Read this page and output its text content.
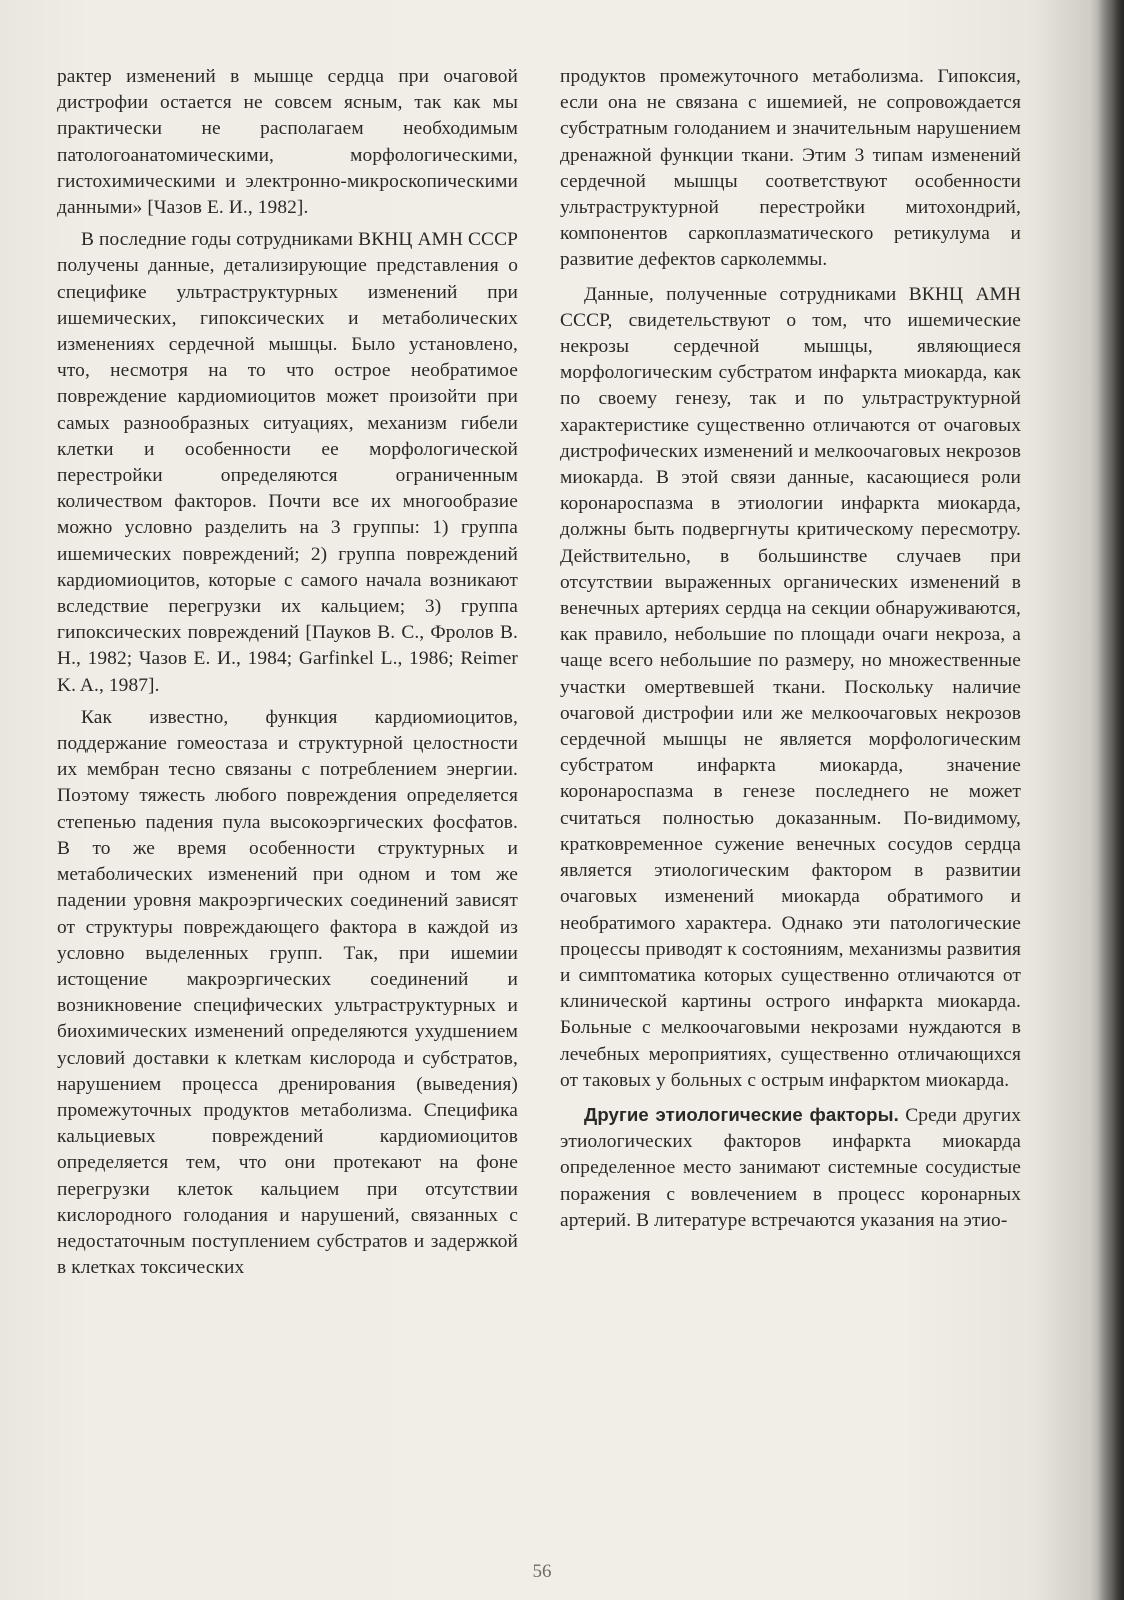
рактер изменений в мышце сердца при очаговой дистрофии остается не совсем ясным, так как мы практически не располагаем необходимым патологоанатомическими, морфологическими, гистохимическими и электронно-микроскопическими данными» [Чазов Е. И., 1982].

В последние годы сотрудниками ВКНЦ АМН СССР получены данные, детализирующие представления о специфике ультраструктурных изменений при ишемических, гипоксических и метаболических изменениях сердечной мышцы. Было установлено, что, несмотря на то что острое необратимое повреждение кардиомиоцитов может произойти при самых разнообразных ситуациях, механизм гибели клетки и особенности ее морфологической перестройки определяются ограниченным количеством факторов. Почти все их многообразие можно условно разделить на 3 группы: 1) группа ишемических повреждений; 2) группа повреждений кардиомиоцитов, которые с самого начала возникают вследствие перегрузки их кальцием; 3) группа гипоксических повреждений [Пауков В. С., Фролов В. Н., 1982; Чазов Е. И., 1984; Garfinkel L., 1986; Reimer K. A., 1987].

Как известно, функция кардиомиоцитов, поддержание гомеостаза и структурной целостности их мембран тесно связаны с потреблением энергии. Поэтому тяжесть любого повреждения определяется степенью падения пула высокоэргических фосфатов. В то же время особенности структурных и метаболических изменений при одном и том же падении уровня макроэргических соединений зависят от структуры повреждающего фактора в каждой из условно выделенных групп. Так, при ишемии истощение макроэргических соединений и возникновение специфических ультраструктурных и биохимических изменений определяются ухудшением условий доставки к клеткам кислорода и субстратов, нарушением процесса дренирования (выведения) промежуточных продуктов метаболизма. Специфика кальциевых повреждений кардиомиоцитов определяется тем, что они протекают на фоне перегрузки клеток кальцием при отсутствии кислородного голодания и нарушений, связанных с недостаточным поступлением субстратов и задержкой в клетках токсических

продуктов промежуточного метаболизма. Гипоксия, если она не связана с ишемией, не сопровождается субстратным голоданием и значительным нарушением дренажной функции ткани. Этим 3 типам изменений сердечной мышцы соответствуют особенности ультраструктурной перестройки митохондрий, компонентов саркоплазматического ретикулума и развитие дефектов сарколеммы.

Данные, полученные сотрудниками ВКНЦ АМН СССР, свидетельствуют о том, что ишемические некрозы сердечной мышцы, являющиеся морфологическим субстратом инфаркта миокарда, как по своему генезу, так и по ультраструктурной характеристике существенно отличаются от очаговых дистрофических изменений и мелкоочаговых некрозов миокарда. В этой связи данные, касающиеся роли коронароспазма в этиологии инфаркта миокарда, должны быть подвергнуты критическому пересмотру. Действительно, в большинстве случаев при отсутствии выраженных органических изменений в венечных артериях сердца на секции обнаруживаются, как правило, небольшие по площади очаги некроза, а чаще всего небольшие по размеру, но множественные участки омертвевшей ткани. Поскольку наличие очаговой дистрофии или же мелкоочаговых некрозов сердечной мышцы не является морфологическим субстратом инфаркта миокарда, значение коронароспазма в генезе последнего не может считаться полностью доказанным. По-видимому, кратковременное сужение венечных сосудов сердца является этиологическим фактором в развитии очаговых изменений миокарда обратимого и необратимого характера. Однако эти патологические процессы приводят к состояниям, механизмы развития и симптоматика которых существенно отличаются от клинической картины острого инфаркта миокарда. Больные с мелкоочаговыми некрозами нуждаются в лечебных мероприятиях, существенно отличающихся от таковых у больных с острым инфарктом миокарда.

Другие этиологические факторы. Среди других этиологических факторов инфаркта миокарда определенное место занимают системные сосудистые поражения с вовлечением в процесс коронарных артерий. В литературе встречаются указания на этио-

56
